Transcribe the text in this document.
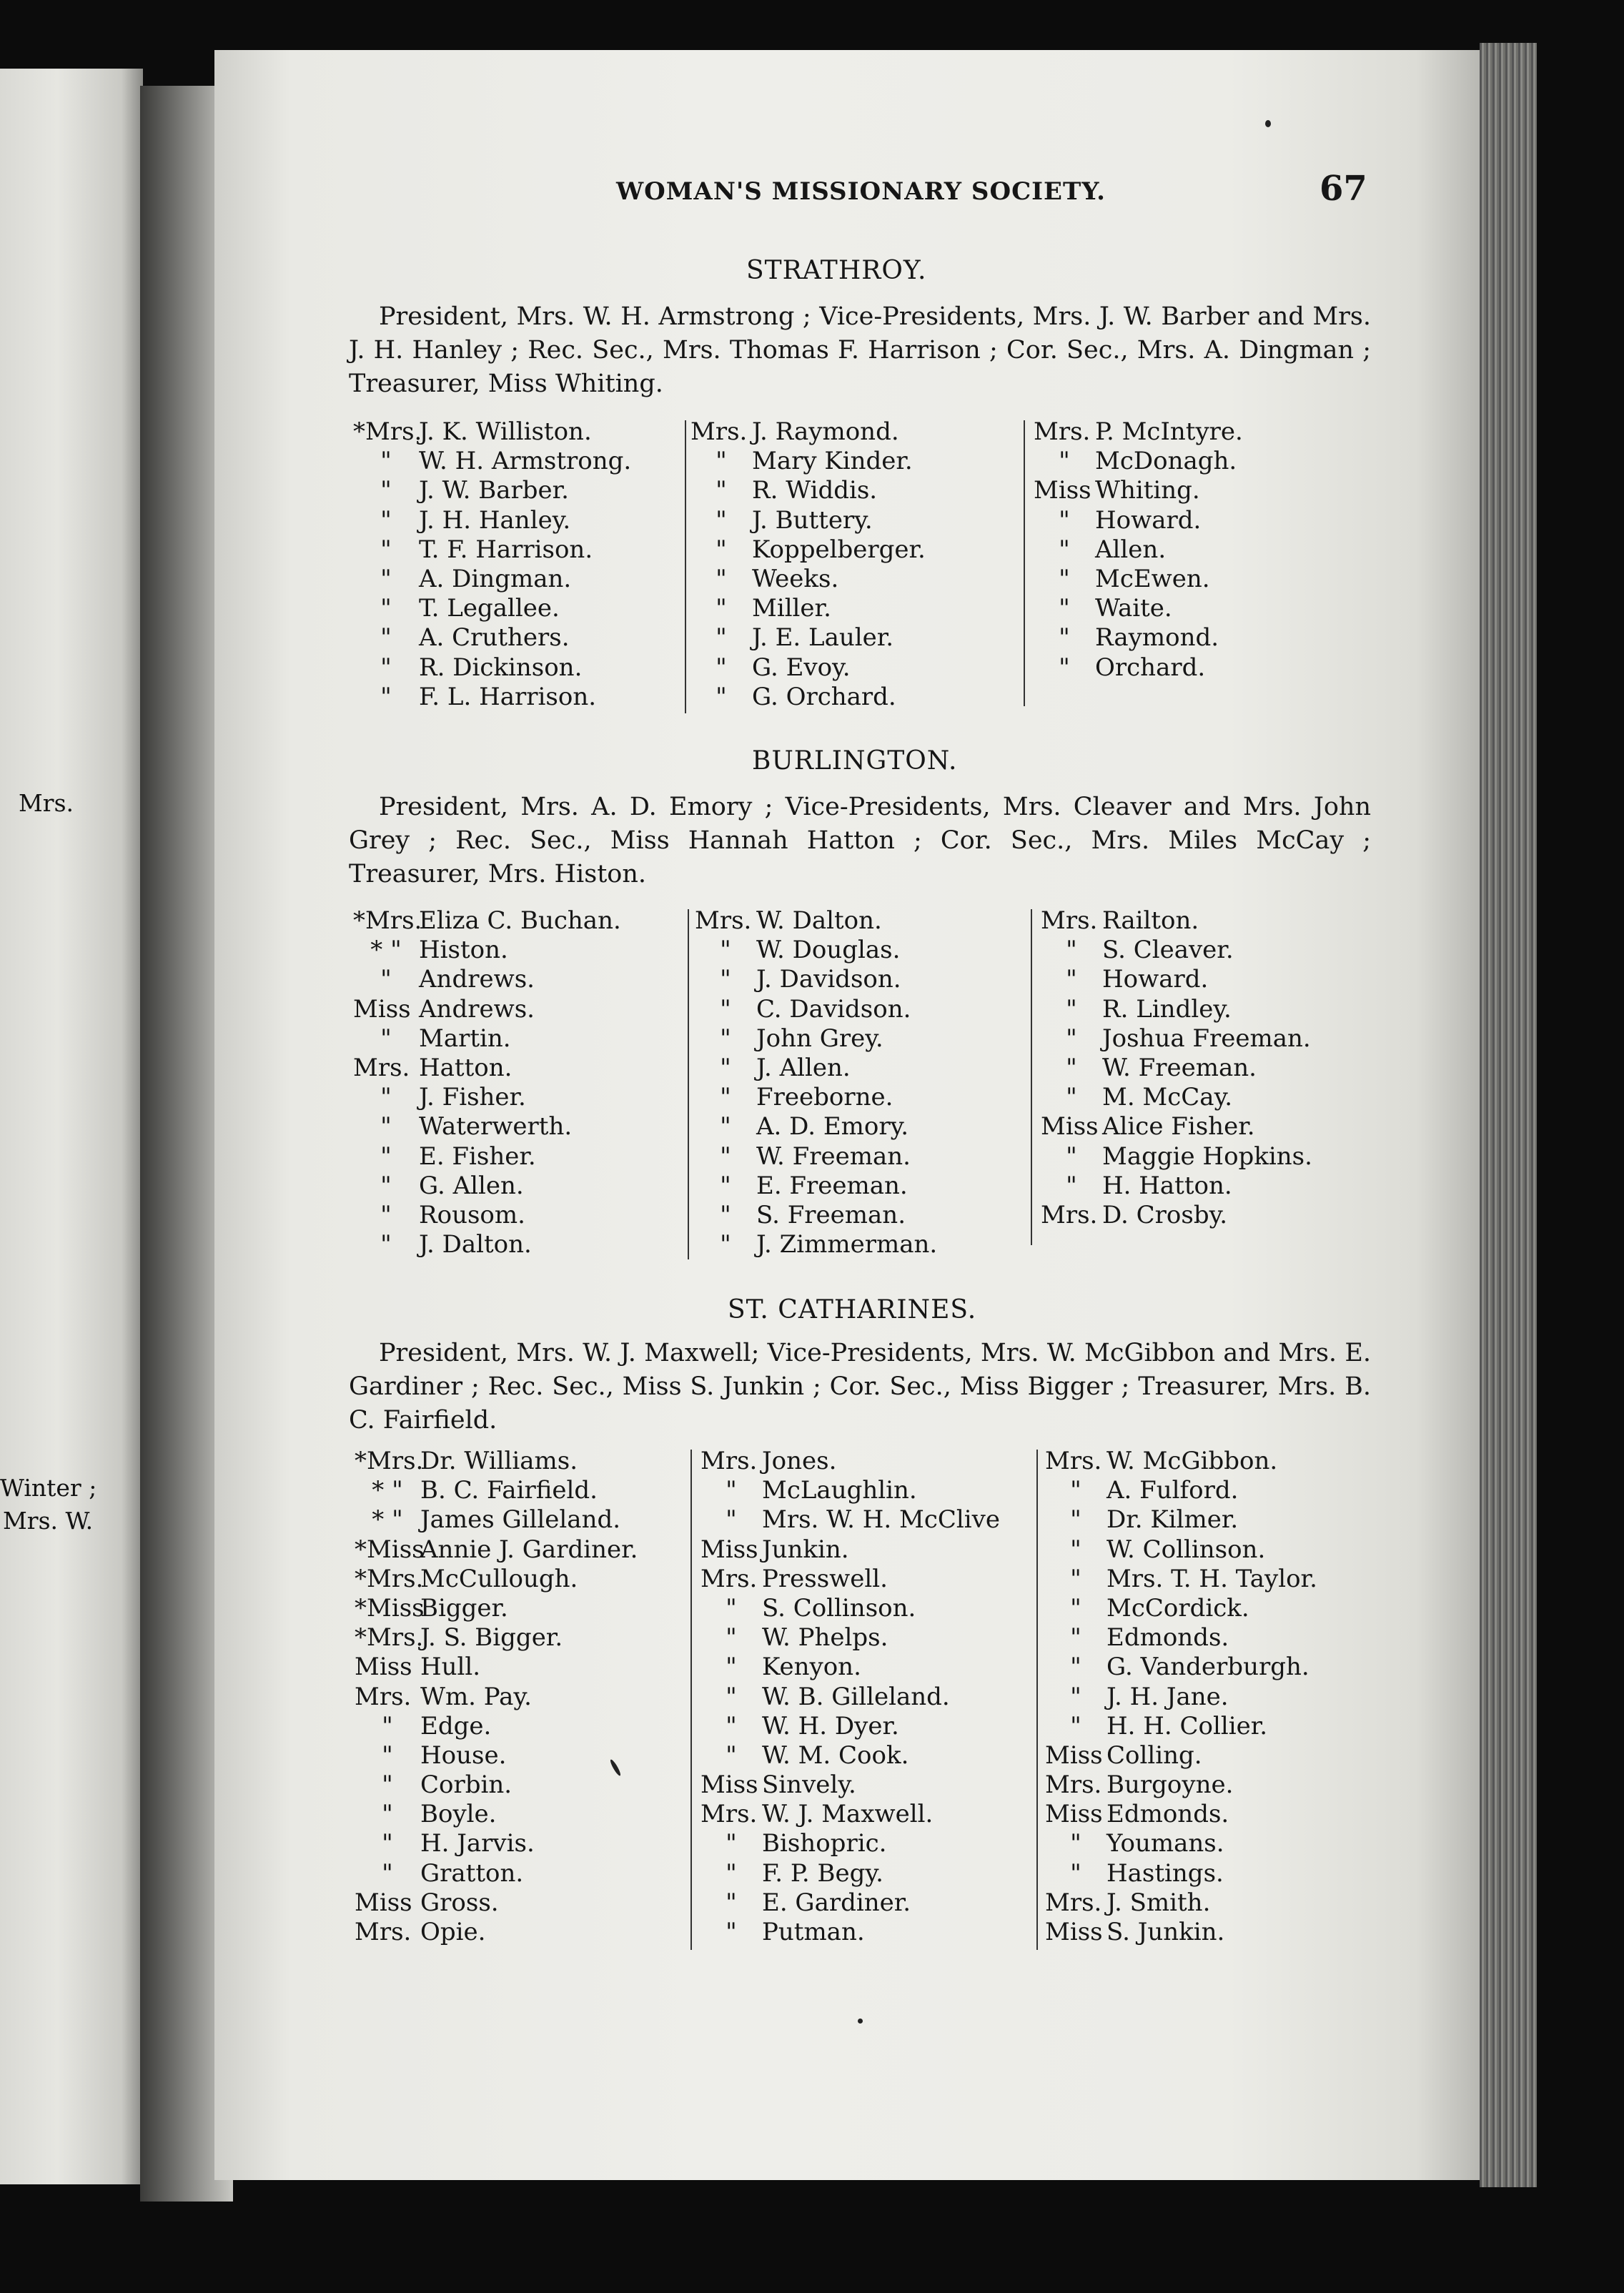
Mrs.
Winter ;
Mrs. W.
WOMAN'S MISSIONARY SOCIETY.	67
STRATHROY.
President, Mrs. W. H. Armstrong ; Vice-Presidents, Mrs. J. W. Barber and Mrs. J. H. Hanley ; Rec. Sec., Mrs. Thomas F. Harrison ; Cor. Sec., Mrs. A. Dingman ; Treasurer, Miss Whiting.
*Mrs.J. K. Williston.
" W. H. Armstrong.
" J. W. Barber.
" J. H. Hanley.
" T. F. Harrison.
" A. Dingman.
" T. Legallee.
" A. Cruthers.
" R. Dickinson.
" F. L. Harrison.
Mrs. J. Raymond.
" Mary Kinder.
" R. Widdis.
" J. Buttery.
" Koppelberger.
" Weeks.
" Miller.
" J. E. Lauler.
" G. Evoy.
" G. Orchard.
Mrs. P. McIntyre.
" McDonagh.
Miss Whiting.
" Howard.
" Allen.
" McEwen.
" Waite.
" Raymond.
" Orchard.
BURLINGTON.
President, Mrs. A. D. Emory ; Vice-Presidents, Mrs. Cleaver and Mrs. John Grey ; Rec. Sec., Miss Hannah Hatton ; Cor. Sec., Mrs. Miles McCay ; Treasurer, Mrs. Histon.
*Mrs.Eliza C. Buchan.
* " Histon.
" Andrews.
Miss Andrews.
" Martin.
Mrs. Hatton.
" J. Fisher.
" Waterwerth.
" E. Fisher.
" G. Allen.
" Rousom.
" J. Dalton.
Mrs. W. Dalton.
" W. Douglas.
" J. Davidson.
" C. Davidson.
" John Grey.
" J. Allen.
" Freeborne.
" A. D. Emory.
" W. Freeman.
" E. Freeman.
" S. Freeman.
" J. Zimmerman.
Mrs. Railton.
" S. Cleaver.
" Howard.
" R. Lindley.
" Joshua Freeman.
" W. Freeman.
" M. McCay.
Miss Alice Fisher.
" Maggie Hopkins.
" H. Hatton.
Mrs. D. Crosby.
ST. CATHARINES.
President, Mrs. W. J. Maxwell; Vice-Presidents, Mrs. W. McGibbon and Mrs. E. Gardiner ; Rec. Sec., Miss S. Junkin ; Cor. Sec., Miss Bigger ; Treasurer, Mrs. B. C. Fairfield.
*Mrs.Dr. Williams.
* " B. C. Fairfield.
* " James Gilleland.
*MissAnnie J. Gardiner.
*Mrs.McCullough.
*MissBigger.
*Mrs.J. S. Bigger.
Miss Hull.
Mrs. Wm. Pay.
" Edge.
" House.
" Corbin.
" Boyle.
" H. Jarvis.
" Gratton.
Miss Gross.
Mrs. Opie.
Mrs. Jones.
" McLaughlin.
" Mrs. W. H. McClive
Miss Junkin.
Mrs. Presswell.
" S. Collinson.
" W. Phelps.
" Kenyon.
" W. B. Gilleland.
" W. H. Dyer.
" W. M. Cook.
Miss Sinvely.
Mrs. W. J. Maxwell.
" Bishopric.
" F. P. Begy.
" E. Gardiner.
" Putman.
Mrs. W. McGibbon.
" A. Fulford.
" Dr. Kilmer.
" W. Collinson.
" Mrs. T. H. Taylor.
" McCordick.
" Edmonds.
" G. Vanderburgh.
" J. H. Jane.
" H. H. Collier.
Miss Colling.
Mrs. Burgoyne.
Miss Edmonds.
" Youmans.
" Hastings.
Mrs. J. Smith.
Miss S. Junkin.
